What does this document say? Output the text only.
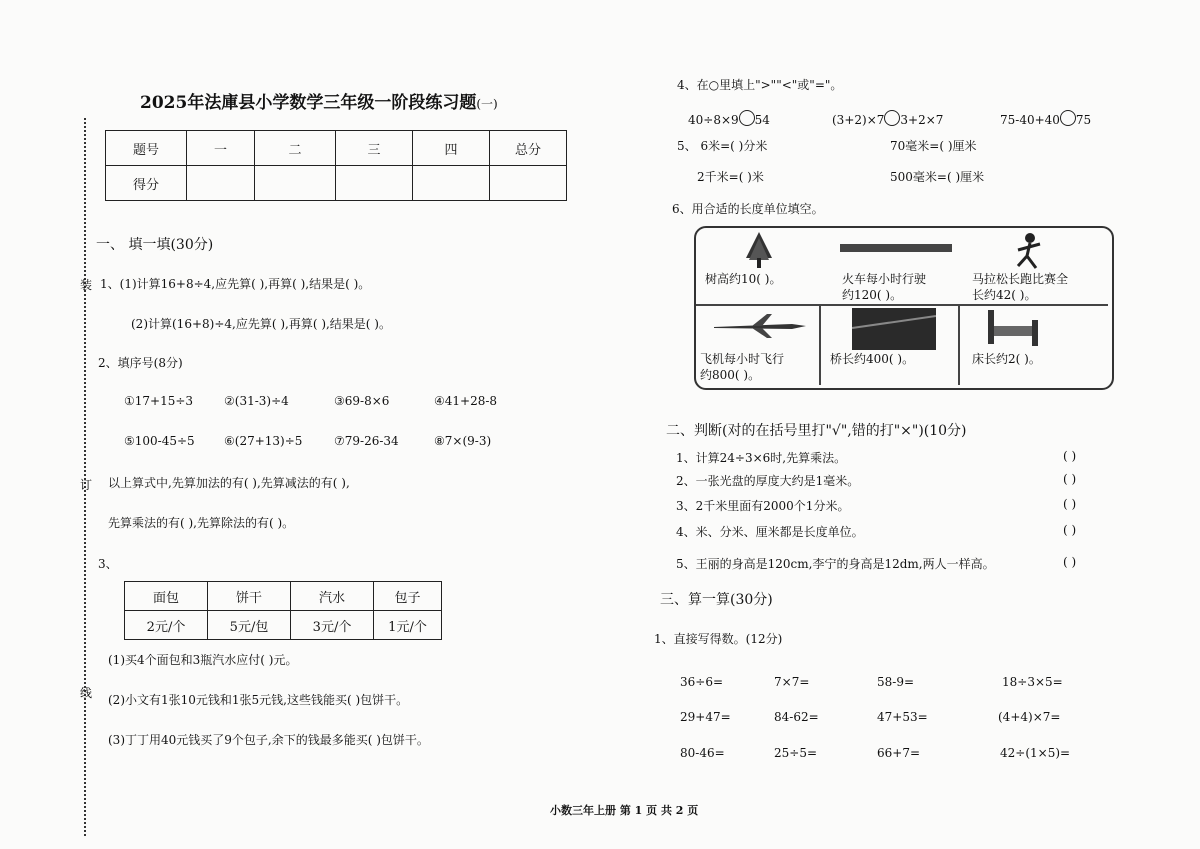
装
订
线
2025年法庫县小学数学三年级一阶段练习题(一)
题号	一	二	三	四	总分
得分					
一、 填一填(30分)
1、(1)计算16+8÷4,应先算( ),再算( ),结果是( )。
(2)计算(16+8)÷4,应先算( ),再算( ),结果是( )。
2、填序号(8分)
①17+15÷3	②(31-3)÷4	③69-8×6	④41+28-8
⑤100-45÷5 ⑥(27+13)÷5	⑦79-26-34	⑧7×(9-3)
以上算式中,先算加法的有( ),先算减法的有( ),
先算乘法的有( ),先算除法的有( )。
3、
面包	饼干	汽水	包子
2元/个	5元/包	3元/个	1元/个
(1)买4个面包和3瓶汽水应付( )元。
(2)小文有1张10元钱和1张5元钱,这些钱能买( )包饼干。
(3)丁丁用40元钱买了9个包子,余下的钱最多能买( )包饼干。
4、在○里填上">""<"或"="。
40÷8×9 54	(3+2)×7 3+2×7	75-40+40 75
5、 6米=( )分米	70毫米=( )厘米
2千米=( )米	500毫米=( )厘米
6、用合适的长度单位填空。
树高约10( )。	火车每小时行驶
约120( )。
马拉松长跑比赛全
长约42( )。
飞机每小时飞行
约800( )。
桥长约400( )。	床长约2( )。
二、判断(对的在括号里打"√",错的打"×")(10分)
1、计算24÷3×6时,先算乘法。	( )
2、一张光盘的厚度大约是1毫米。	( )
3、2千米里面有2000个1分米。	( )
4、米、分米、厘米都是长度单位。	( )
5、王丽的身高是120cm,李宁的身高是12dm,两人一样高。	( )
三、算一算(30分)
1、直接写得数。(12分)
36÷6=	7×7=	58-9=	18÷3×5=
29+47=	84-62=	47+53=	(4+4)×7=
80-46=	25÷5=	66+7=	42÷(1×5)=
小数三年上册 第 1 页 共 2 页
